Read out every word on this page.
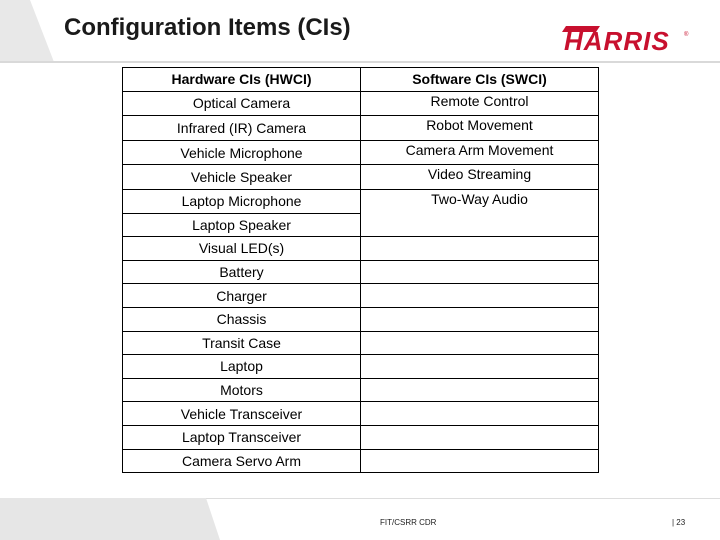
Configuration Items (CIs)	HARRIS ®
Hardware CIs (HWCI)	Software CIs (SWCI)
Optical Camera	Remote Control
Infrared (IR) Camera	Robot Movement
Vehicle Microphone	Camera Arm Movement
Vehicle Speaker	Video Streaming
Laptop Microphone	Two-Way Audio
Laptop Speaker	
Visual LED(s)	
Battery	
Charger	
Chassis	
Transit Case	
Laptop	
Motors	
Vehicle Transceiver	
Laptop Transceiver	
Camera Servo Arm	
FIT/CSRR CDR	| 23
